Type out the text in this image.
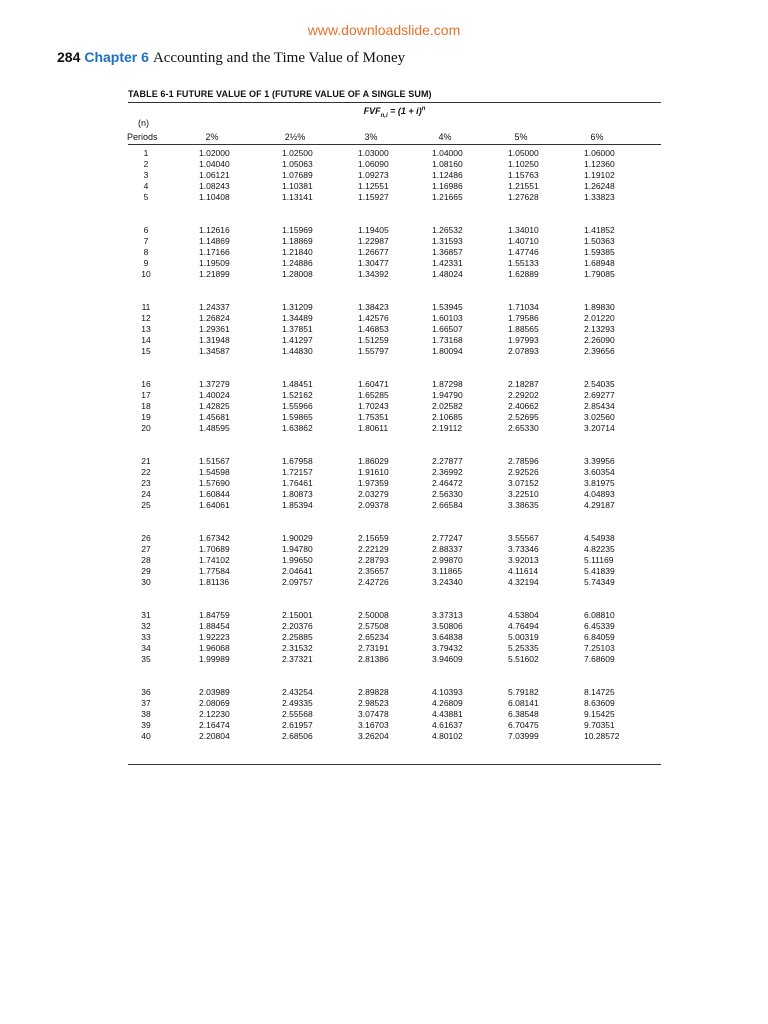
www.downloadslide.com
284 Chapter 6 Accounting and the Time Value of Money
TABLE 6-1 FUTURE VALUE OF 1 (FUTURE VALUE OF A SINGLE SUM)
$FVF_{n,i} = (1 + i)^n$
(n)
Periods	2%	2½%	3%	4%	5%	6%
1	1.02000	1.02500	1.03000	1.04000	1.05000	1.06000
2	1.04040	1.05063	1.06090	1.08160	1.10250	1.12360
3	1.06121	1.07689	1.09273	1.12486	1.15763	1.19102
4	1.08243	1.10381	1.12551	1.16986	1.21551	1.26248
5	1.10408	1.13141	1.15927	1.21665	1.27628	1.33823
6	1.12616	1.15969	1.19405	1.26532	1.34010	1.41852
7	1.14869	1.18869	1.22987	1.31593	1.40710	1.50363
8	1.17166	1.21840	1.26677	1.36857	1.47746	1.59385
9	1.19509	1.24886	1.30477	1.42331	1.55133	1.68948
10	1.21899	1.28008	1.34392	1.48024	1.62889	1.79085
11	1.24337	1.31209	1.38423	1.53945	1.71034	1.89830
12	1.26824	1.34489	1.42576	1.60103	1.79586	2.01220
13	1.29361	1.37851	1.46853	1.66507	1.88565	2.13293
14	1.31948	1.41297	1.51259	1.73168	1.97993	2.26090
15	1.34587	1.44830	1.55797	1.80094	2.07893	2.39656
16	1.37279	1.48451	1.60471	1.87298	2.18287	2.54035
17	1.40024	1.52162	1.65285	1.94790	2.29202	2.69277
18	1.42825	1.55966	1.70243	2.02582	2.40662	2.85434
19	1.45681	1.59865	1.75351	2.10685	2.52695	3.02560
20	1.48595	1.63862	1.80611	2.19112	2.65330	3.20714
21	1.51567	1.67958	1.86029	2.27877	2.78596	3.39956
22	1.54598	1.72157	1.91610	2.36992	2.92526	3.60354
23	1.57690	1.76461	1.97359	2.46472	3.07152	3.81975
24	1.60844	1.80873	2.03279	2.56330	3.22510	4.04893
25	1.64061	1.85394	2.09378	2.66584	3.38635	4.29187
26	1.67342	1.90029	2.15659	2.77247	3.55567	4.54938
27	1.70689	1.94780	2.22129	2.88337	3.73346	4.82235
28	1.74102	1.99650	2.28793	2.99870	3.92013	5.11169
29	1.77584	2.04641	2.35657	3.11865	4.11614	5.41839
30	1.81136	2.09757	2.42726	3.24340	4.32194	5.74349
31	1.84759	2.15001	2.50008	3.37313	4.53804	6.08810
32	1.88454	2.20376	2.57508	3.50806	4.76494	6.45339
33	1.92223	2.25885	2.65234	3.64838	5.00319	6.84059
34	1.96068	2.31532	2.73191	3.79432	5.25335	7.25103
35	1.99989	2.37321	2.81386	3.94609	5.51602	7.68609
36	2.03989	2.43254	2.89828	4.10393	5.79182	8.14725
37	2.08069	2.49335	2.98523	4.26809	6.08141	8.63609
38	2.12230	2.55568	3.07478	4.43881	6.38548	9.15425
39	2.16474	2.61957	3.16703	4.61637	6.70475	9.70351
40	2.20804	2.68506	3.26204	4.80102	7.03999	10.28572
